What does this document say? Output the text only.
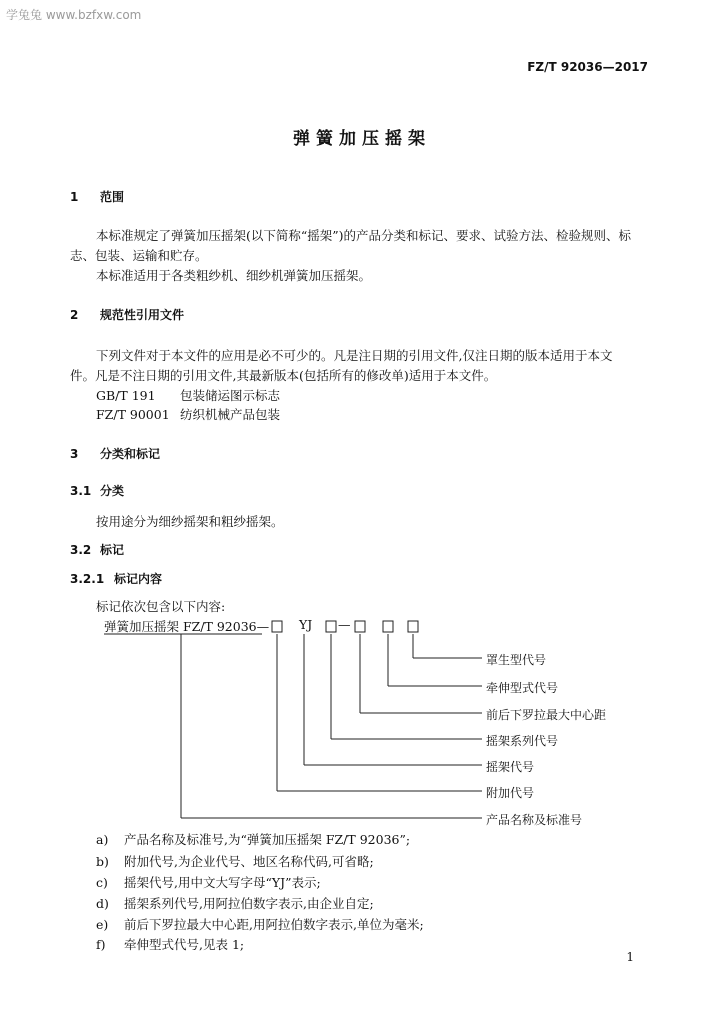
学兔兔 www.bzfxw.com
FZ/T 92036—2017
弹簧加压摇架
1 范围
本标准规定了弹簧加压摇架(以下简称“摇架”)的产品分类和标记、要求、试验方法、检验规则、标
志、包装、运输和贮存。
本标准适用于各类粗纱机、细纱机弹簧加压摇架。
2 规范性引用文件
下列文件对于本文件的应用是必不可少的。凡是注日期的引用文件,仅注日期的版本适用于本文
件。凡是不注日期的引用文件,其最新版本(包括所有的修改单)适用于本文件。
GB/T 191 包装储运图示标志
FZ/T 90001 纺织机械产品包装
3 分类和标记
3.1 分类
按用途分为细纱摇架和粗纱摇架。
3.2 标记
3.2.1 标记内容
标记依次包含以下内容:
弹簧加压摇架 FZ/T 92036— YJ —
罩生型代号
牵伸型式代号
前后下罗拉最大中心距
摇架系列代号
摇架代号
附加代号
产品名称及标准号
a) 产品名称及标准号,为“弹簧加压摇架 FZ/T 92036”;
b) 附加代号,为企业代号、地区名称代码,可省略;
c) 摇架代号,用中文大写字母“YJ”表示;
d) 摇架系列代号,用阿拉伯数字表示,由企业自定;
e) 前后下罗拉最大中心距,用阿拉伯数字表示,单位为毫米;
f) 牵伸型式代号,见表 1;
1
